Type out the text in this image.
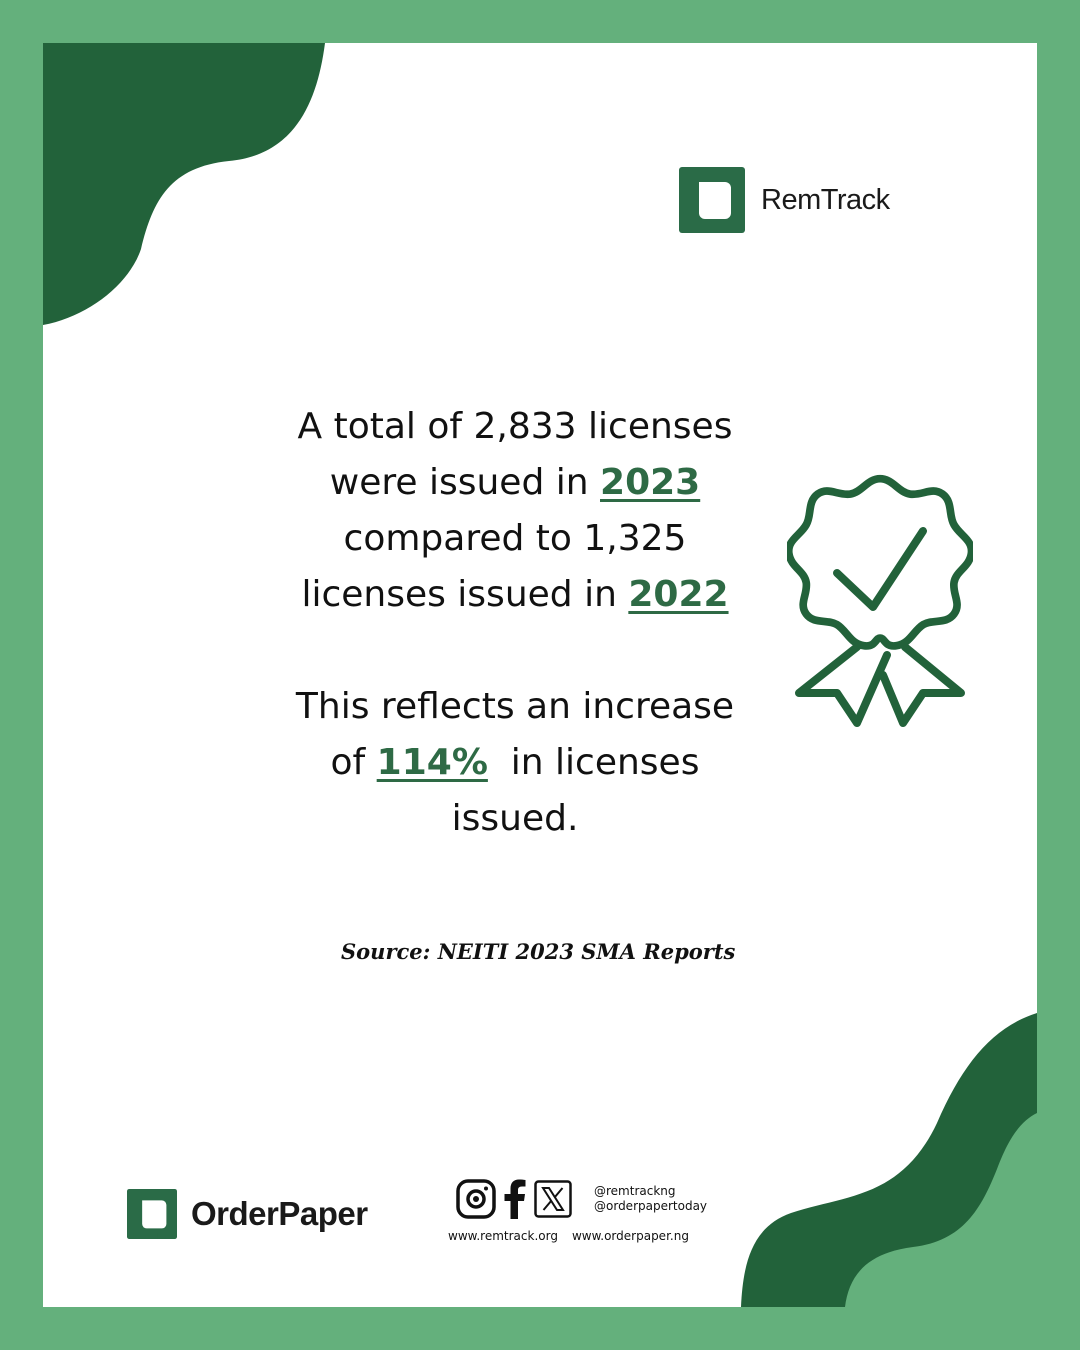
RemTrack

A total of 2,833 licenses were issued in 2023 compared to 1,325 licenses issued in 2022

This reflects an increase of 114%  in licenses issued.

Source: NEITI 2023 SMA Reports
OrderPaper
@remtrackng
@orderpapertoday
www.remtrack.org www.orderpaper.ng
